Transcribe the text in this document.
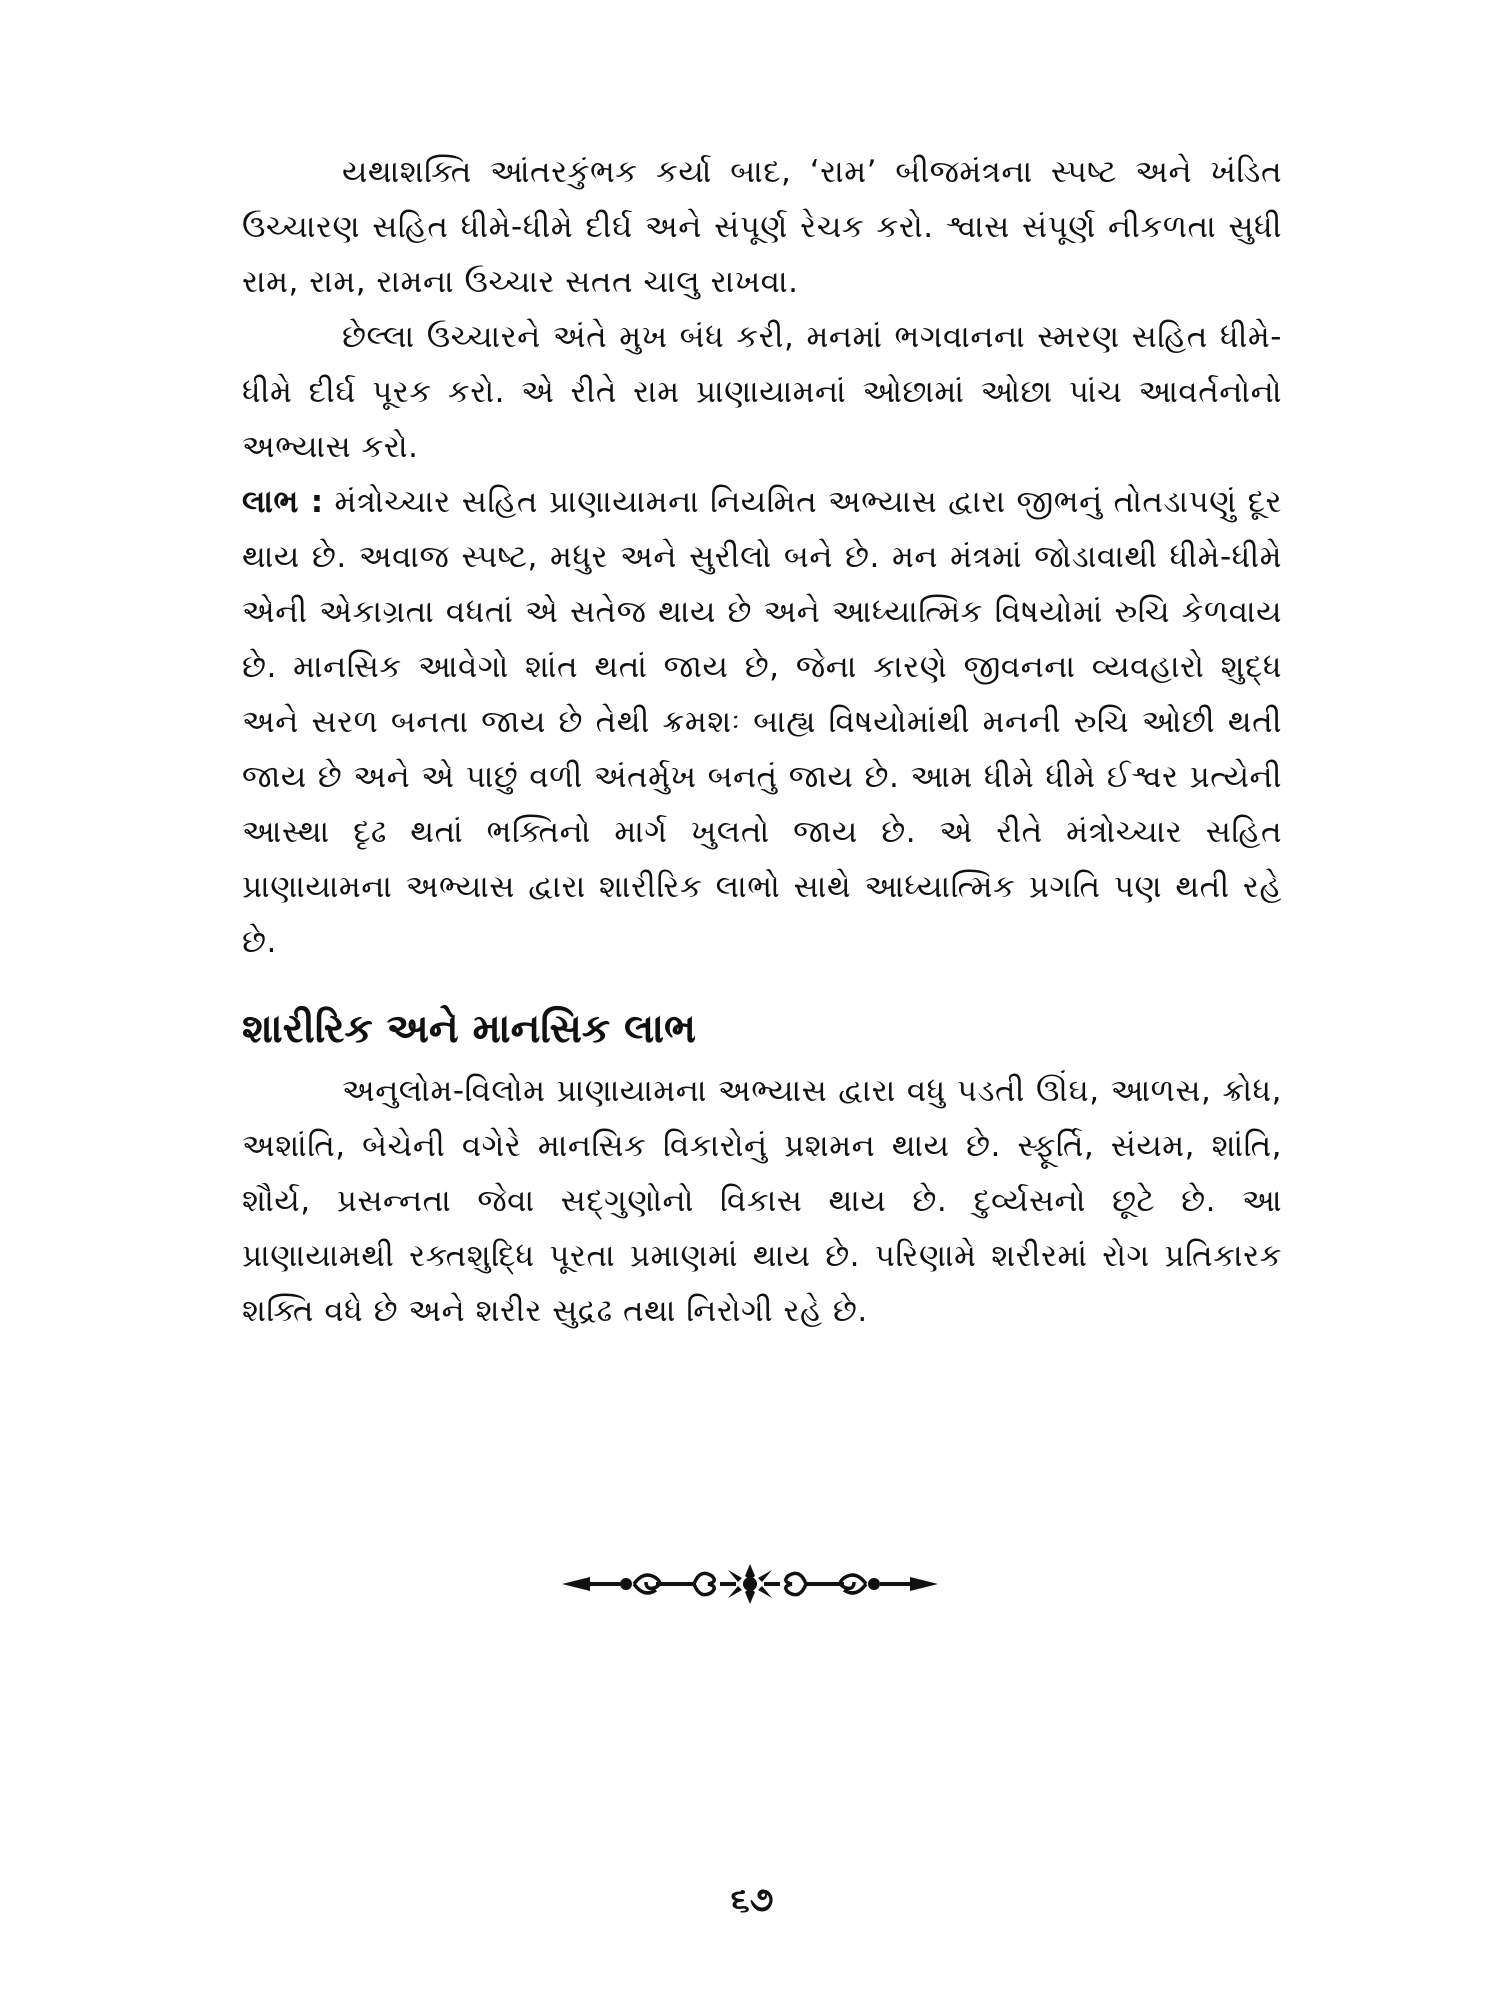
યથાશક્તિ આંતરકુંભક કર્યા બાદ, ‘રામ’ બીજમંત્રના સ્પષ્ટ અને ખંડિત ઉચ્ચારણ સહિત ધીમે-ધીમે દીર્ઘ અને સંપૂર્ણ રેચક કરો. શ્વાસ સંપૂર્ણ નીકળતા સુધી રામ, રામ, રામના ઉચ્ચાર સતત ચાલુ રાખવા.

છેલ્લા ઉચ્ચારને અંતે મુખ બંધ કરી, મનમાં ભગવાનના સ્મરણ સહિત ધીમે-ધીમે દીર્ઘ પૂરક કરો. એ રીતે રામ પ્રાણાયામનાં ઓછામાં ઓછા પાંચ આવર્તનોનો અભ્યાસ કરો.

લાભ : મંત્રોચ્ચાર સહિત પ્રાણાયામના નિયમિત અભ્યાસ દ્વારા જીભનું તોતડાપણું દૂર થાય છે. અવાજ સ્પષ્ટ, મધુર અને સુરીલો બને છે. મન મંત્રમાં જોડાવાથી ધીમે-ધીમે એની એકાગ્રતા વધતાં એ સતેજ થાય છે અને આધ્યાત્મિક વિષયોમાં રુચિ કેળવાય છે. માનસિક આવેગો શાંત થતાં જાય છે, જેના કારણે જીવનના વ્યવહારો શુદ્ધ અને સરળ બનતા જાય છે તેથી ક્રમશઃ બાહ્ય વિષયોમાંથી મનની રુચિ ઓછી થતી જાય છે અને એ પાછું વળી અંતર્મુખ બનતું જાય છે. આમ ધીમે ધીમે ઈશ્વર પ્રત્યેની આસ્થા દૃઢ થતાં ભક્તિનો માર્ગ ખુલતો જાય છે. એ રીતે મંત્રોચ્ચાર સહિત પ્રાણાયામના અભ્યાસ દ્વારા શારીરિક લાભો સાથે આધ્યાત્મિક પ્રગતિ પણ થતી રહે છે.

શારીરિક અને માનસિક લાભ

અનુલોમ-વિલોમ પ્રાણાયામના અભ્યાસ દ્વારા વધુ પડતી ઊંઘ, આળસ, ક્રોધ, અશાંતિ, બેચેની વગેરે માનસિક વિકારોનું પ્રશમન થાય છે. સ્ફૂર્તિ, સંયમ, શાંતિ, શૌર્ય, પ્રસન્નતા જેવા સદ્ગુણોનો વિકાસ થાય છે. દુર્વ્યસનો છૂટે છે. આ પ્રાણાયામથી રક્તશુદ્ધિ પૂરતા પ્રમાણમાં થાય છે. પરિણામે શરીરમાં રોગ પ્રતિકારક શક્તિ વધે છે અને શરીર સુદ્રઢ તથા નિરોગી રહે છે.

૬૭
